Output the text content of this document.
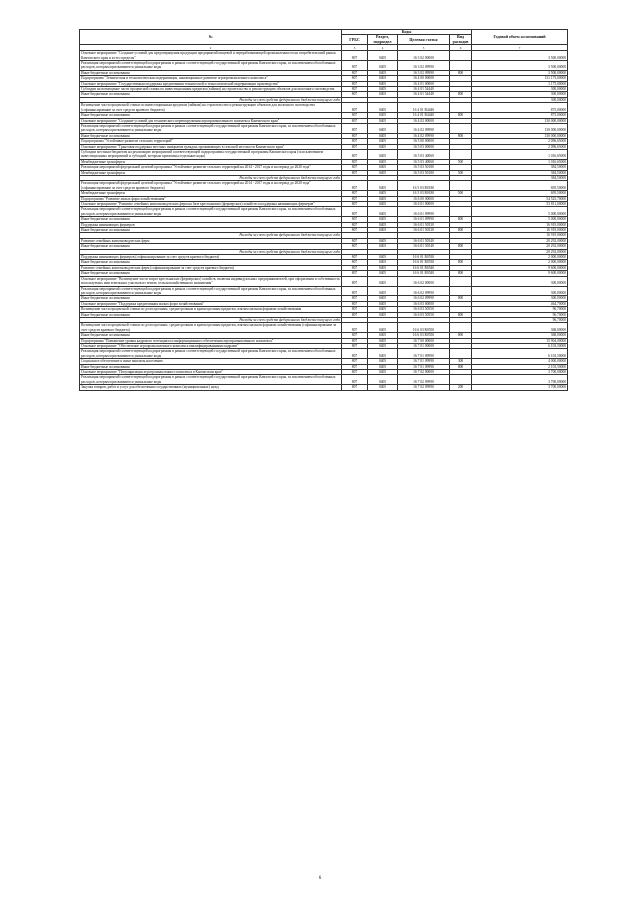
№	Коды				Годовой объем ассигнований
	ГРБС	Раздел, подраздел	Целевая статья	Вид расходов	
2	3	4	5	6	7
Основное мероприятие "Создание условий для предотвращения продукции предприятий пищевой и перерабатывающей промышленности на потребительский рынок Камчатского края и за его пределы"	807	0405	16 3 02 00000		3 500,00000
Реализация мероприятий соответствующей подпрограммы в рамках соответствующей государственной программы Камчатского края, за исключением обособленных расходов, которым присваиваются уникальные коды	807	0405	16 3 02 09990		3 500,00000
Иные бюджетные ассигнования	807	0405	16 3 02 09990	800	3 500,00000
Подпрограмма "Техническая и технологическая модернизация, инновационное развитие агропромышленного комплекса"	807	0405	16 4 00 00000		131 175,00000
Основное мероприятие "Государственная поддержка кредитования технической и технологической модернизации производства"	807	0405	16 4 01 00000		1 175,00000
Субсидии на возмещение части процентной ставки по инвестиционным кредитам (займам) на строительство и реконструкцию объектов для молочного скотоводства	807	0405	16 4 01 54440		300,00000
Иные бюджетные ассигнования	807	0405	16 4 01 54440	800	300,00000
Расходы за счет средств федерального бюджета текущего года					300,00000
Возмещение части процентной ставки по инвестиционным кредитам (займам) на строительство и реконструкцию объектов для молочного скотоводства (софинансирование за счет средств краевого бюджета)	807	0405	16 4 01 R4440		875,00000
Иные бюджетные ассигнования	807	0405	16 4 01 R4440	800	875,00000
Основное мероприятие "Создание условий для технического перевооружения агропромышленного комплекса Камчатского края"	807	0405	16 4 02 00000		130 000,00000
Реализация мероприятий соответствующей подпрограммы в рамках соответствующей государственной программы Камчатского края, за исключением обособленных расходов, которым присваиваются уникальные коды	807	0405	16 4 02 09990		130 000,00000
Иные бюджетные ассигнования	807	0405	16 4 02 09990	800	130 000,00000
Подпрограмма "Устойчивое развитие сельских территорий"	807	0405	16 5 00 00000		2 096,65000
Основное мероприятие "Грантовая поддержка местных инициатив граждан, проживающих в сельской местности Камчатского края"	807	0405	16 5 03 00000		2 096,65000
Субсидии местным бюджетам на реализацию мероприятий соответствующей подпрограммы государственной программы Камчатского края (за исключением инвестиционных мероприятий и субсидий, которым присвоены отдельные коды)	807	0405	16 5 03 40060		1 016,65000
Межбюджетные трансферты	807	0405	16 5 03 40060	500	1 016,65000
Реализация мероприятий федеральной целевой программы "Устойчивое развитие сельских территорий на 2014 - 2017 годы и на период до 2020 года"	807	0405	16 5 03 50180		384,50000
Межбюджетные трансферты	807	0405	16 5 03 50180	500	384,50000
Расходы за счет средств федерального бюджета текущего года					384,50000
Реализация мероприятий федеральной целевой программы "Устойчивое развитие сельских территорий на 2014 - 2017 годы и на период до 2020 года" (софинансирование за счет средств краевого бюджета)	807	0405	16 5 03 R0180		695,50000
Межбюджетные трансферты	807	0405	16 5 03 R0180	500	695,50000
Подпрограмма "Развитие малых форм хозяйствования"	807	0405	16 6 00 00000		54 525,70000
Основное мероприятие "Развитие семейных животноводческих ферм на базе крестьянских (фермерских) хозяйств и поддержка начинающих фермеров"	807	0405	16 6 01 00000		53 811,00000
Реализация мероприятий соответствующей подпрограммы в рамках соответствующей государственной программы Камчатского края, за исключением обособленных расходов, которым присваиваются уникальные коды	807	0405	16 6 01 09990		5 000,00000
Иные бюджетные ассигнования	807	0405	16 6 01 09990	800	5 000,00000
Поддержка начинающих фермеров	807	0405	16 6 01 50530		16 919,00000
Иные бюджетные ассигнования	807	0405	16 6 01 50530	800	16 919,00000
Расходы за счет средств федерального бюджета текущего года					16 919,00000
Развитие семейных животноводческих ферм	807	0405	16 6 01 50540		20 292,00000
Иные бюджетные ассигнования	807	0405	16 6 01 50540	800	20 292,00000
Расходы за счет средств федерального бюджета текущего года					20 292,00000
Поддержка начинающих фермеров (софинансирование за счет средств краевого бюджета)	807	0405	16 6 01 R0530		2 000,00000
Иные бюджетные ассигнования	807	0405	16 6 01 R0530	800	2 000,00000
Развитие семейных животноводческих ферм (софинансирование за счет средств краевого бюджета)	807	0405	16 6 01 R0540		9 600,00000
Иные бюджетные ассигнования	807	0405	16 6 01 R0540	800	9 600,00000
Основное мероприятие "Возмещение части затрат крестьянских (фермерских) хозяйств, включая индивидуальных предпринимателей, при оформлении в собственность используемых ими земельных участков из земель сельскохозяйственного назначения"	807	0405	16 6 02 00000		300,00000
Реализация мероприятий соответствующей подпрограммы в рамках соответствующей государственной программы Камчатского края, за исключением обособленных расходов, которым присваиваются уникальные коды	807	0405	16 6 02 09990		300,00000
Иные бюджетные ассигнования	807	0405	16 6 02 09990	800	300,00000
Основное мероприятие "Поддержка кредитования малых форм хозяйствования"	807	0405	16 6 03 00000		464,70000
Возмещение части процентной ставки по долгосрочным, среднесрочным и краткосрочным кредитам, взятым малыми формами хозяйствования	807	0405	16 6 03 50550		96,70000
Иные бюджетные ассигнования	807	0405	16 6 03 50550	800	96,70000
Расходы за счет средств федерального бюджета текущего года					96,70000
Возмещение части процентной ставки по долгосрочным, среднесрочным и краткосрочным кредитам, взятым малыми формами хозяйствования (софинансирование за счет средств краевого бюджета)	807	0405	16 6 03 R0550		368,00000
Иные бюджетные ассигнования	807	0405	16 6 03 R0550	800	368,00000
Подпрограмма "Повышение уровня кадрового потенциала и информационного обеспечения агропромышленного комплекса"	807	0405	16 7 00 00000		15 904,00000
Основное мероприятие "Обеспечение агропромышленного комплекса квалифицированными кадрами"	807	0405	16 7 01 00000		6 103,50000
Реализация мероприятий соответствующей подпрограммы в рамках соответствующей государственной программы Камчатского края, за исключением обособленных расходов, которым присваиваются уникальные коды	807	0405	16 7 01 09990		6 103,50000
Социальное обеспечение и иные выплаты населению	807	0405	16 7 01 09990	300	4 000,00000
Иные бюджетные ассигнования	807	0405	16 7 01 09990	800	2 103,50000
Основное мероприятие "Популяризация агропромышленного комплекса в Камчатском крае"	807	0405	16 7 02 00000		3 700,00000
Реализация мероприятий соответствующей подпрограммы в рамках соответствующей государственной программы Камчатского края, за исключением обособленных расходов, которым присваиваются уникальные коды	807	0405	16 7 02 09990		3 700,00000
Закупка товаров, работ и услуг для обеспечения государственных (муниципальных) нужд	807	0405	16 7 02 09990	200	3 700,00000
6
